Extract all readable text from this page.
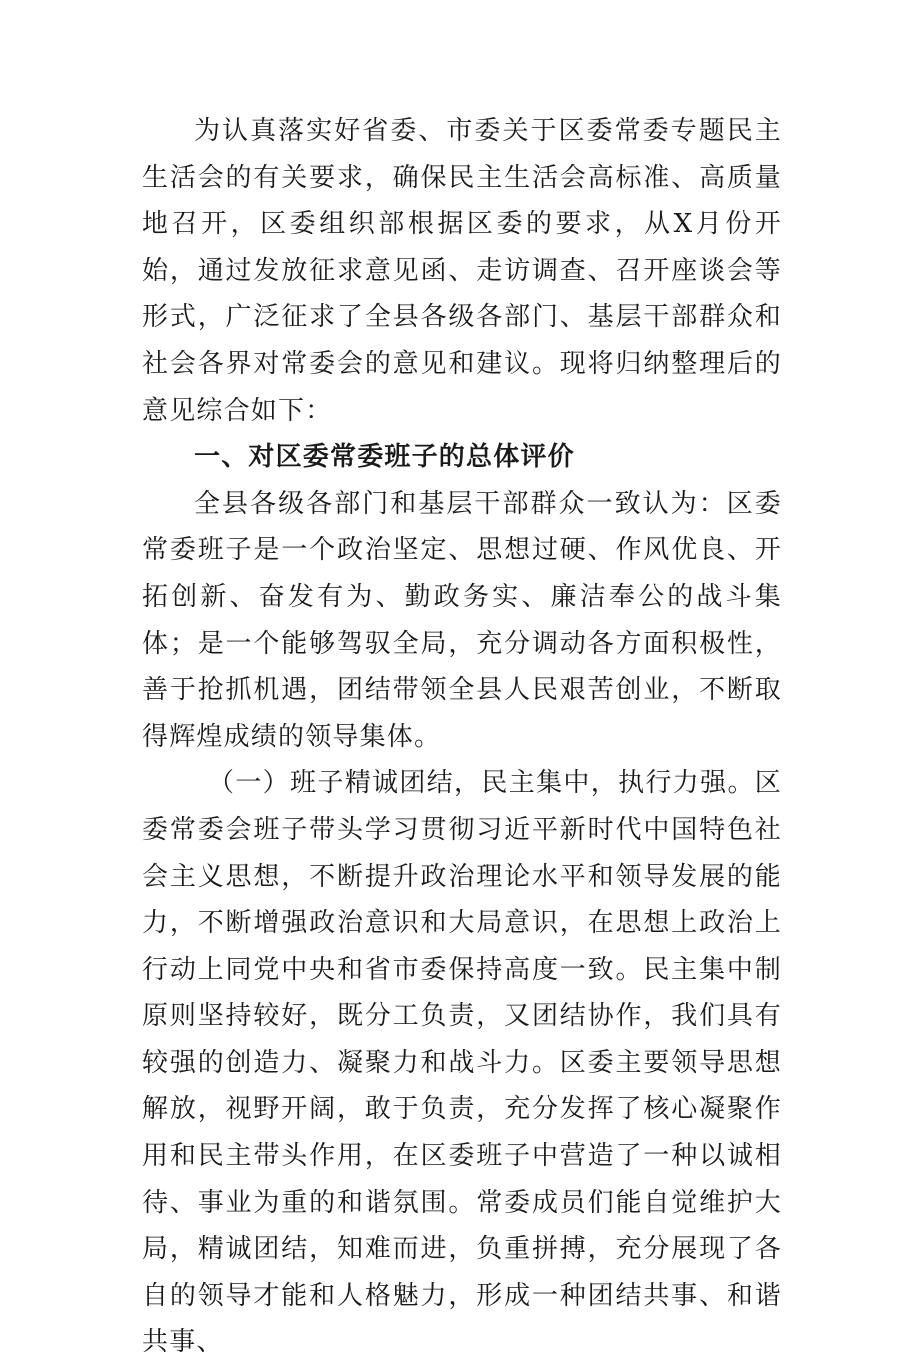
为认真落实好省委、市委关于区委常委专题民主生活会的有关要求，确保民主生活会高标准、高质量地召开，区委组织部根据区委的要求，从X月份开始，通过发放征求意见函、走访调查、召开座谈会等形式，广泛征求了全县各级各部门、基层干部群众和社会各界对常委会的意见和建议。现将归纳整理后的意见综合如下：

一、对区委常委班子的总体评价

全县各级各部门和基层干部群众一致认为：区委常委班子是一个政治坚定、思想过硬、作风优良、开拓创新、奋发有为、勤政务实、廉洁奉公的战斗集体；是一个能够驾驭全局，充分调动各方面积极性，善于抢抓机遇，团结带领全县人民艰苦创业，不断取得辉煌成绩的领导集体。

（一）班子精诚团结，民主集中，执行力强。区委常委会班子带头学习贯彻习近平新时代中国特色社会主义思想，不断提升政治理论水平和领导发展的能力，不断增强政治意识和大局意识，在思想上政治上行动上同党中央和省市委保持高度一致。民主集中制原则坚持较好，既分工负责，又团结协作，我们具有较强的创造力、凝聚力和战斗力。区委主要领导思想解放，视野开阔，敢于负责，充分发挥了核心凝聚作用和民主带头作用，在区委班子中营造了一种以诚相待、事业为重的和谐氛围。常委成员们能自觉维护大局，精诚团结，知难而进，负重拼搏，充分展现了各自的领导才能和人格魅力，形成一种团结共事、和谐共事、
